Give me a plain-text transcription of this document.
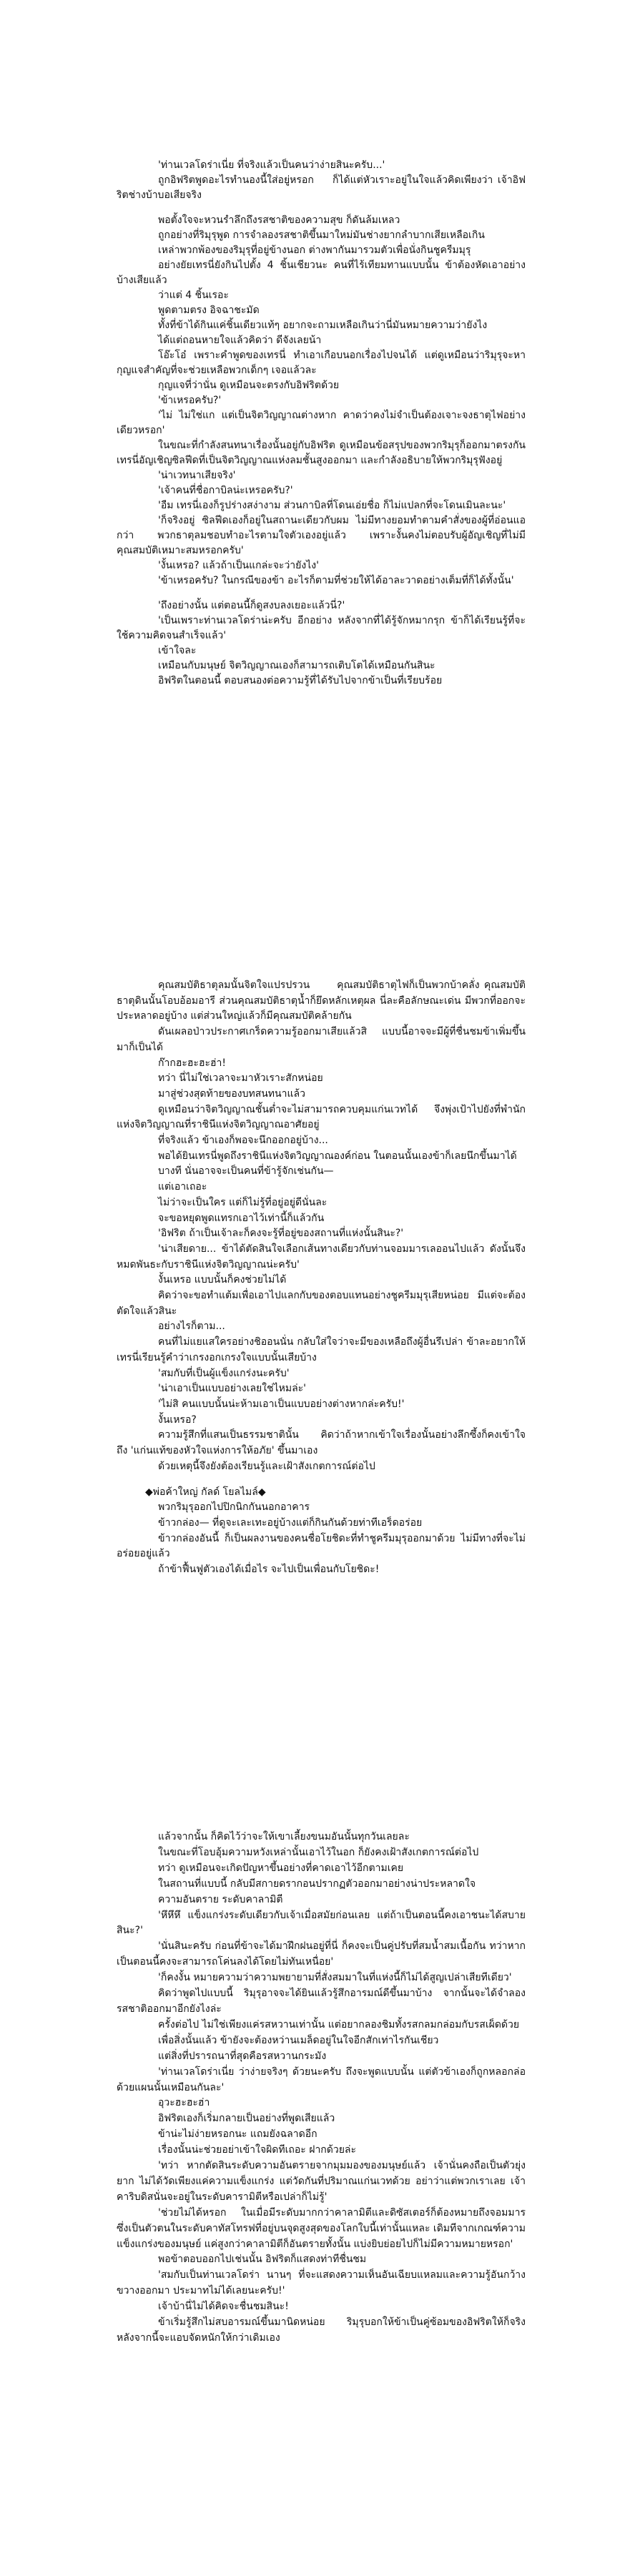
'ท่านเวลโดร่าเนี่ย ที่จริงแล้วเป็นคนว่าง่ายสินะครับ...'

ถูกอิฟริตพูดอะไรทำนองนี้ใส่อยู่หรอก    ก็ได้แต่หัวเราะอยู่ในใจแล้วคิดเพียงว่า เจ้าอิฟริตช่างบ้าบอเสียจริง

พอตั้งใจจะหวนรำลึกถึงรสชาติของความสุข ก็ดันล้มเหลว

ถูกอย่างที่ริมุรุพูด การจำลองรสชาติขึ้นมาใหม่มันช่างยากลำบากเสียเหลือเกิน

เหล่าพวกพ้องของริมุรุที่อยู่ข้างนอก ต่างพากันมารวมตัวเพื่อนั่งกินชูครีมมุรุ

อย่างยัยเทรนี่ยังกินไปตั้ง 4 ชิ้นเชียวนะ คนที่ไร้เทียมทานแบบนั้น ข้าต้องหัดเอาอย่างบ้างเสียแล้ว

ว่าแต่ 4 ชิ้นเรอะ

พูดตามตรง อิจฉาชะมัด

ทั้งที่ข้าได้กินแค่ชิ้นเดียวแท้ๆ อยากจะถามเหลือเกินว่านี่มันหมายความว่ายังไง

ได้แต่ถอนหายใจแล้วคิดว่า ดีจังเลยน้า

โอ๊ะโอ๋ เพราะคำพูดของเทรนี่ ทำเอาเกือบนอกเรื่องไปจนได้ แต่ดูเหมือนว่าริมุรุจะหากุญแจสำคัญที่จะช่วยเหลือพวกเด็กๆ เจอแล้วละ

กุญแจที่ว่านั่น ดูเหมือนจะตรงกับอิฟริตด้วย

'ข้าเหรอครับ?'

'ไม่ ไม่ใช่แก แต่เป็นจิตวิญญาณต่างหาก คาดว่าคงไม่จำเป็นต้องเจาะจงธาตุไฟอย่างเดียวหรอก'

ในขณะที่กำลังสนทนาเรื่องนั้นอยู่กับอิฟริต ดูเหมือนข้อสรุปของพวกริมุรุก็ออกมาตรงกัน เทรนี่อัญเชิญซิลฟีดที่เป็นจิตวิญญาณแห่งลมชั้นสูงออกมา และกำลังอธิบายให้พวกริมุรุฟังอยู่

'น่าเวทนาเสียจริง'

'เจ้าคนที่ชื่อกาบิลน่ะเหรอครับ?'

'อืม เทรนี่เองก็รูปร่างสง่างาม ส่วนกาบิลที่โดนเอ่ยชื่อ ก็ไม่แปลกที่จะโดนเมินละนะ'

'ก็จริงอยู่ ซิลฟีดเองก็อยู่ในสถานะเดียวกับผม ไม่มีทางยอมทำตามคำสั่งของผู้ที่อ่อนแอกว่า พวกธาตุลมชอบทำอะไรตามใจตัวเองอยู่แล้ว เพราะงั้นคงไม่ตอบรับผู้อัญเชิญที่ไม่มีคุณสมบัติเหมาะสมหรอกครับ'

'งั้นเหรอ? แล้วถ้าเป็นแกล่ะจะว่ายังไง'

'ข้าเหรอครับ? ในกรณีของข้า อะไรก็ตามที่ช่วยให้ได้อาละวาดอย่างเต็มที่ก็ได้ทั้งนั้น'

'ถึงอย่างนั้น แต่ตอนนี้ก็ดูสงบลงเยอะแล้วนี่?'

'เป็นเพราะท่านเวลโดร่าน่ะครับ อีกอย่าง หลังจากที่ได้รู้จักหมากรุก ข้าก็ได้เรียนรู้ที่จะใช้ความคิดจนสำเร็จแล้ว'

เข้าใจละ

เหมือนกับมนุษย์ จิตวิญญาณเองก็สามารถเติบโตได้เหมือนกันสินะ

อิฟริตในตอนนี้ ตอบสนองต่อความรู้ที่ได้รับไปจากข้าเป็นที่เรียบร้อย

คุณสมบัติธาตุลมนั้นจิตใจแปรปรวน      คุณสมบัติธาตุไฟก็เป็นพวกบ้าคลั่ง คุณสมบัติธาตุดินนั้นโอบอ้อมอารี ส่วนคุณสมบัติธาตุน้ำก็ยึดหลักเหตุผล นี่ละคือลักษณะเด่น มีพวกที่ออกจะประหลาดอยู่บ้าง แต่ส่วนใหญ่แล้วก็มีคุณสมบัติคล้ายกัน

ดันเผลอป่าวประกาศเกร็ดความรู้ออกมาเสียแล้วสิ แบบนี้อาจจะมีผู้ที่ชื่นชมข้าเพิ่มขึ้นมาก็เป็นได้

ก๊ากฮะฮะฮะฮ่า!

ทว่า นี่ไม่ใช่เวลาจะมาหัวเราะสักหน่อย

มาสู่ช่วงสุดท้ายของบทสนทนาแล้ว

ดูเหมือนว่าจิตวิญญาณชั้นต่ำจะไม่สามารถควบคุมแก่นเวทได้ จึงพุ่งเป้าไปยังที่พำนักแห่งจิตวิญญาณที่ราชินีแห่งจิตวิญญาณอาศัยอยู่

ที่จริงแล้ว ข้าเองก็พอจะนึกออกอยู่บ้าง...

พอได้ยินเทรนี่พูดถึงราชินีแห่งจิตวิญญาณองค์ก่อน ในตอนนั้นเองข้าก็เลยนึกขึ้นมาได้

บางที นั่นอาจจะเป็นคนที่ข้ารู้จักเช่นกัน—

แต่เอาเถอะ

ไม่ว่าจะเป็นใคร แต่ก็ไม่รู้ที่อยู่อยู่ดีนั่นละ

จะขอหยุดพูดแทรกเอาไว้เท่านี้ก็แล้วกัน

'อิฟริต ถ้าเป็นเจ้าละก็คงจะรู้ที่อยู่ของสถานที่แห่งนั้นสินะ?'

'น่าเสียดาย... ข้าได้ตัดสินใจเลือกเส้นทางเดียวกับท่านจอมมารเลออนไปแล้ว ดังนั้นจึงหมดพันธะกับราชินีแห่งจิตวิญญาณน่ะครับ'

งั้นเหรอ แบบนั้นก็คงช่วยไม่ได้

คิดว่าจะขอทำแต้มเพื่อเอาไปแลกกับของตอบแทนอย่างชูครีมมุรุเสียหน่อย  มีแต่จะต้องตัดใจแล้วสินะ

อย่างไรก็ตาม...

คนที่ไม่แยแสใครอย่างชิออนนั่น กลับใส่ใจว่าจะมีของเหลือถึงผู้อื่นรึเปล่า ข้าละอยากให้เทรนี่เรียนรู้คำว่าเกรงอกเกรงใจแบบนั้นเสียบ้าง

'สมกับที่เป็นผู้แข็งแกร่งนะครับ'

'น่าเอาเป็นแบบอย่างเลยใช่ไหมล่ะ'

'ไม่สิ คนแบบนั้นน่ะห้ามเอาเป็นแบบอย่างต่างหากล่ะครับ!'

งั้นเหรอ?

ความรู้สึกที่แสนเป็นธรรมชาตินั้น    คิดว่าถ้าหากเข้าใจเรื่องนั้นอย่างลึกซึ้งก็คงเข้าใจถึง 'แก่นแท้ของหัวใจแห่งการให้อภัย' ขึ้นมาเอง

ด้วยเหตุนี้จึงยังต้องเรียนรู้และเฝ้าสังเกตการณ์ต่อไป

◆พ่อค้าใหญ่ กัลด์ โยลไมล์◆

พวกริมุรุออกไปปิกนิกกันนอกอาคาร

ข้าวกล่อง— ที่ดูจะเละเทะอยู่บ้างแต่ก็กินกันด้วยท่าทีเอร็ดอร่อย

ข้าวกล่องอันนี้ ก็เป็นผลงานของคนชื่อโยชิดะที่ทำชูครีมมุรุออกมาด้วย ไม่มีทางที่จะไม่อร่อยอยู่แล้ว

ถ้าข้าฟื้นฟูตัวเองได้เมื่อไร จะไปเป็นเพื่อนกับโยชิดะ!

แล้วจากนั้น ก็คิดไว้ว่าจะให้เขาเลี้ยงขนมอันนั้นทุกวันเลยละ

ในขณะที่โอบอุ้มความหวังเหล่านั้นเอาไว้ในอก ก็ยังคงเฝ้าสังเกตการณ์ต่อไป

ทว่า ดูเหมือนจะเกิดปัญหาขึ้นอย่างที่คาดเอาไว้อีกตามเคย

ในสถานที่แบบนี้ กลับมีสกายดรากอนปรากฏตัวออกมาอย่างน่าประหลาดใจ

ความอันตราย ระดับคาลามิตี

'หึหึหึ แข็งแกร่งระดับเดียวกับเจ้าเมื่อสมัยก่อนเลย แต่ถ้าเป็นตอนนี้คงเอาชนะได้สบายสินะ?'

'นั่นสินะครับ ก่อนที่ข้าจะได้มาฝึกฝนอยู่ที่นี่ ก็คงจะเป็นคู่ปรับที่สมน้ำสมเนื้อกัน ทว่าหากเป็นตอนนี้คงจะสามารถโค่นลงได้โดยไม่ทันเหนื่อย'

'ก็คงงั้น หมายความว่าความพยายามที่สั่งสมมาในที่แห่งนี้ก็ไม่ได้สูญเปล่าเสียทีเดียว'

คิดว่าพูดไปแบบนี้ ริมุรุอาจจะได้ยินแล้วรู้สึกอารมณ์ดีขึ้นมาบ้าง จากนั้นจะได้จำลองรสชาติออกมาอีกยังไงล่ะ

ครั้งต่อไป ไม่ใช่เพียงแค่รสหวานเท่านั้น แต่อยากลองชิมทั้งรสกลมกล่อมกับรสเผ็ดด้วย

เพื่อสิ่งนั้นแล้ว ข้ายังจะต้องหว่านเมล็ดอยู่ในใจอีกสักเท่าไรกันเชียว

แต่สิ่งที่ปรารถนาที่สุดคือรสหวานกระมัง

'ท่านเวลโดร่าเนี่ย ว่าง่ายจริงๆ ด้วยนะครับ ถึงจะพูดแบบนั้น แต่ตัวข้าเองก็ถูกหลอกล่อด้วยแผนนั้นเหมือนกันละ'

อุวะฮะฮะฮ่า

อิฟริตเองก็เริ่มกลายเป็นอย่างที่พูดเสียแล้ว

ข้าน่ะไม่ง่ายหรอกนะ แถมยังฉลาดอีก

เรื่องนั้นน่ะช่วยอย่าเข้าใจผิดทีเถอะ ฝากด้วยล่ะ

'ทว่า หากตัดสินระดับความอันตรายจากมุมมองของมนุษย์แล้ว เจ้านั่นคงถือเป็นตัวยุ่งยาก ไม่ได้วัดเพียงแค่ความแข็งแกร่ง แต่วัดกันที่ปริมาณแก่นเวทด้วย อย่าว่าแต่พวกเราเลย เจ้าคาริบดิสนั่นจะอยู่ในระดับคารามิตีหรือเปล่าก็ไม่รู้'

'ช่วยไม่ได้หรอก ในเมื่อมีระดับมากกว่าคาลามิตีและดิซัสเตอร์ก็ต้องหมายถึงจอมมารซึ่งเป็นตัวตนในระดับคาทัสโทรฟที่อยู่บนจุดสูงสุดของโลกใบนี้เท่านั้นแหละ เดิมทีจากเกณฑ์ความแข็งแกร่งของมนุษย์ แค่สูงกว่าคาลามิตีก็อันตรายทั้งนั้น แบ่งยิบย่อยไปก็ไม่มีความหมายหรอก'

พอข้าตอบออกไปเช่นนั้น อิฟริตก็แสดงท่าทีชื่นชม

'สมกับเป็นท่านเวลโดร่า นานๆ ที่จะแสดงความเห็นอันเฉียบแหลมและความรู้อันกว้างขวางออกมา ประมาทไม่ได้เลยนะครับ!'

เจ้าบ้านี่ไม่ได้คิดจะชื่นชมสินะ!

ข้าเริ่มรู้สึกไม่สบอารมณ์ขึ้นมานิดหน่อย ริมุรุบอกให้ข้าเป็นคู่ซ้อมของอิฟริตให้ก็จริง หลังจากนี้จะแอบจัดหนักให้กว่าเดิมเอง
